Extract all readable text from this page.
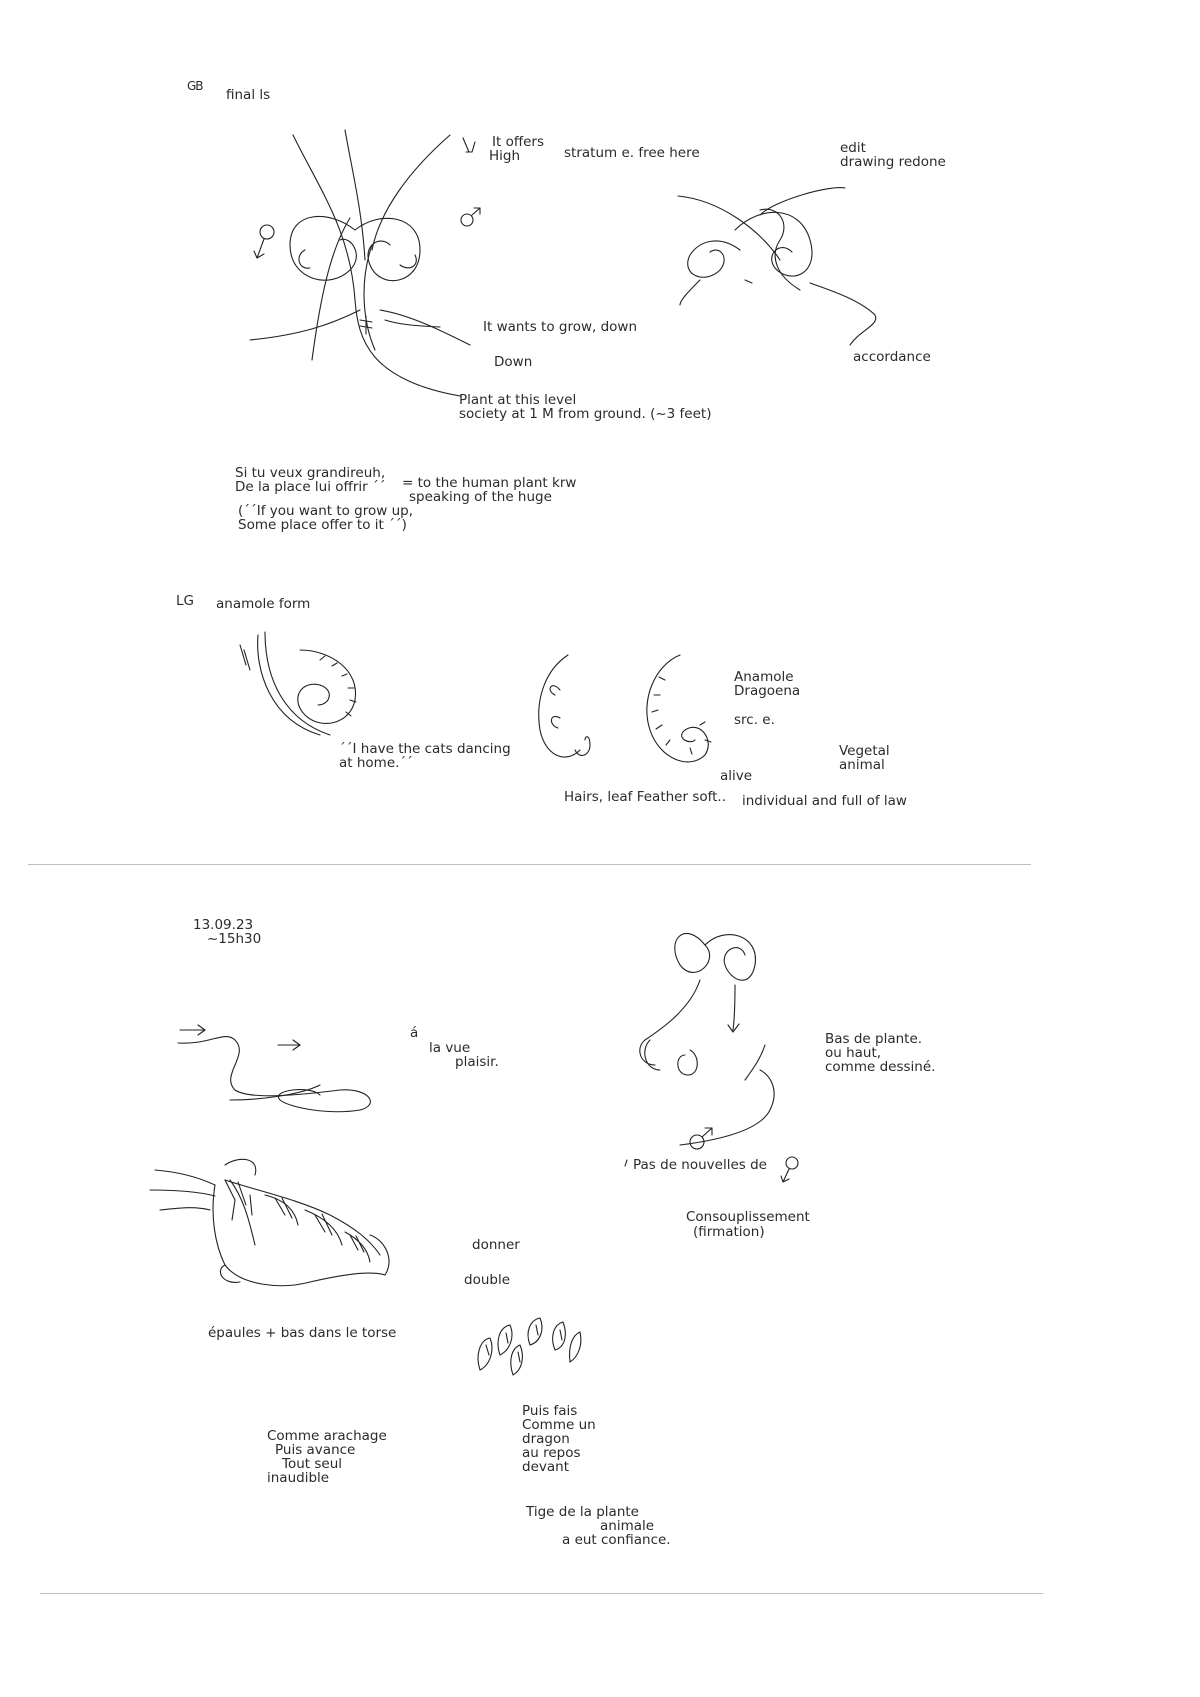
GB
final ls
It offers
High	stratum e. free here	edit
drawing redone
It wants to grow, down
Down	accordance
Plant at this level
society at 1 M from ground. (~3 feet)
Si tu veux grandireuh,
De la place lui offrir ´´ = to the human plant krw
speaking of the huge
(´´If you want to grow up,
Some place offer to it ´´)
LG anamole form
´´I have the cats dancing
at home.´´
Anamole
Dragoena
src. e.
Vegetal
animal
alive
Hairs, leaf Feather soft.. individual and full of law
13.09.23
~15h30
á
la vue
plaisir.
Bas de plante.
ou haut,
comme dessiné.
Pas de nouvelles de
Consouplissement
(firmation)
donner
double
épaules + bas dans le torse
Comme arachage
Puis avance
Tout seul
inaudible
Puis fais
Comme un
dragon
au repos
devant
Tige de la plante
animale
a eut confiance.
